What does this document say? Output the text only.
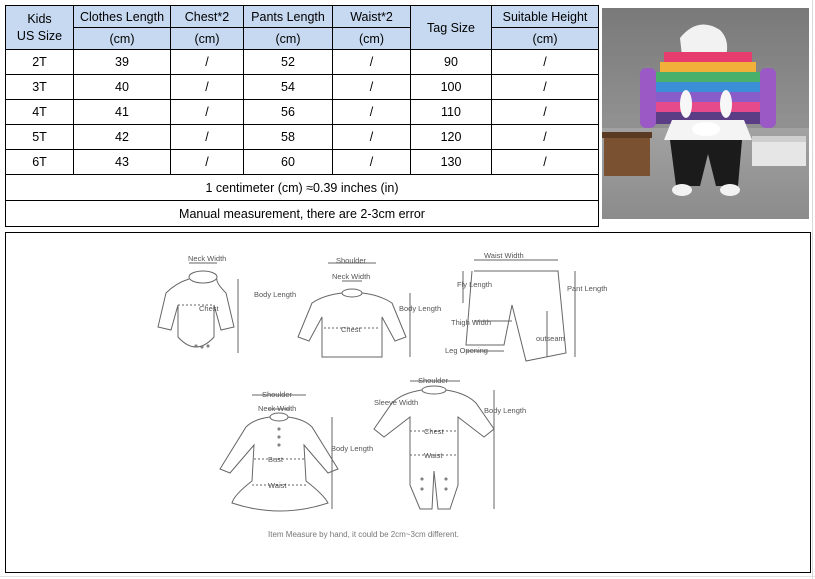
Kids
US Size	Clothes Length	Chest*2	Pants Length	Waist*2	Tag Size	Suitable Height
	(cm)	(cm)	(cm)	(cm)		(cm)
2T	39	/	52	/	90	/
3T	40	/	54	/	100	/
4T	41	/	56	/	110	/
5T	42	/	58	/	120	/
6T	43	/	60	/	130	/
1 centimeter (cm) ≈0.39 inches (in)						
Manual measurement, there are 2-3cm error						
Neck Width
Chest
Body Length
Shoulder
Neck Width
Chest
Body Length
Waist Width
Fly Length
Thigh Width
Leg Opening
outseam
Pant Length
Shoulder
Neck Width
Bust
Waist
Body Length
Shoulder
Sleeve Width
Chest
Waist
Body Length
Item Measure by hand, it could be 2cm~3cm different.
